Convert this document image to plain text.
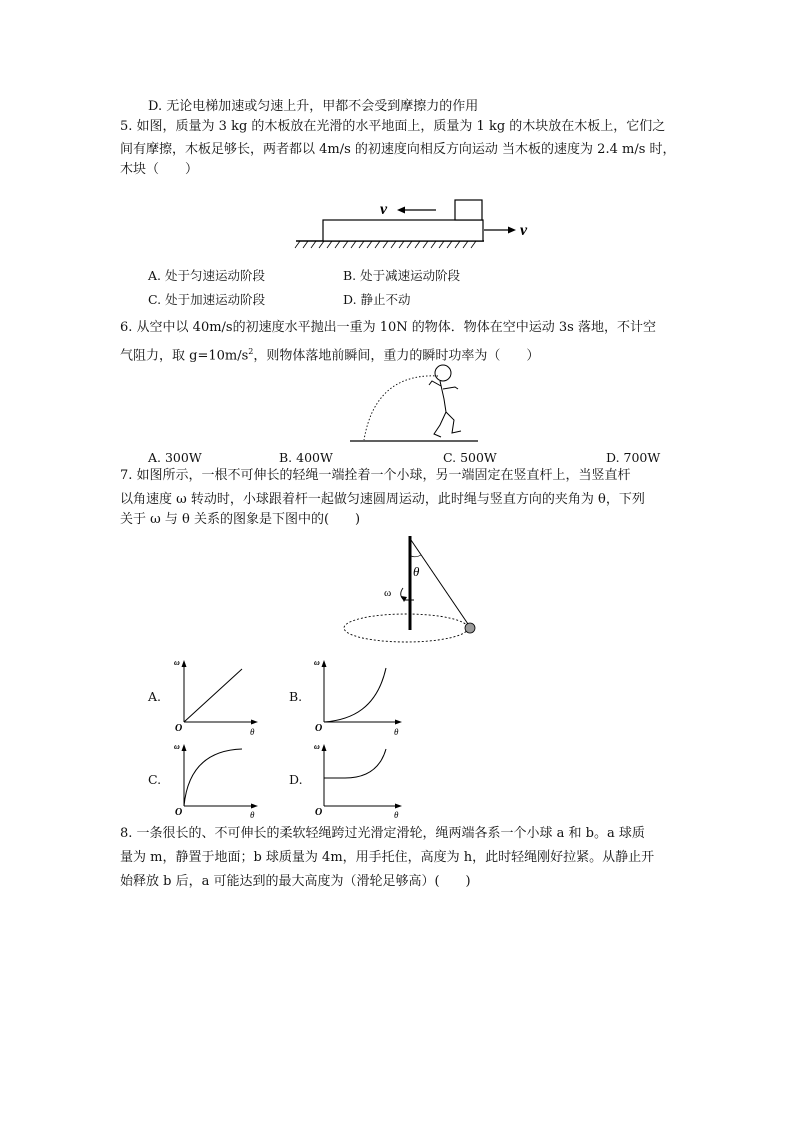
D. 无论电梯加速或匀速上升，甲都不会受到摩擦力的作用
5. 如图，质量为 3 kg 的木板放在光滑的水平地面上，质量为 1 kg 的木块放在木板上，它们之
间有摩擦，木板足够长，两者都以 4m/s 的初速度向相反方向运动 当木板的速度为 2.4 m/s 时，
木块（　　）
v
v
A. 处于匀速运动阶段	B. 处于减速运动阶段
C. 处于加速运动阶段	D. 静止不动
6. 从空中以 40m/s的初速度水平抛出一重为 10N 的物体．物体在空中运动 3s 落地，不计空
气阻力，取 $g=10m/s^2$，则物体落地前瞬间，重力的瞬时功率为（　　）
A. 300W	B. 400W	C. 500W	D. 700W
7. 如图所示，一根不可伸长的轻绳一端拴着一个小球，另一端固定在竖直杆上，当竖直杆
以角速度 ω 转动时，小球跟着杆一起做匀速圆周运动，此时绳与竖直方向的夹角为 θ，下列
关于 ω 与 θ 关系的图象是下图中的(　　)
θ
ω
A.	B.
C.	D.
ω
θ
O
ω
θ
O
ω
θ
O
ω
θ
O
8. 一条很长的、不可伸长的柔软轻绳跨过光滑定滑轮，绳两端各系一个小球 a 和 b。a 球质
量为 m，静置于地面；b 球质量为 4m，用手托住，高度为 h，此时轻绳刚好拉紧。从静止开
始释放 b 后，a 可能达到的最大高度为（滑轮足够高）(　　)
